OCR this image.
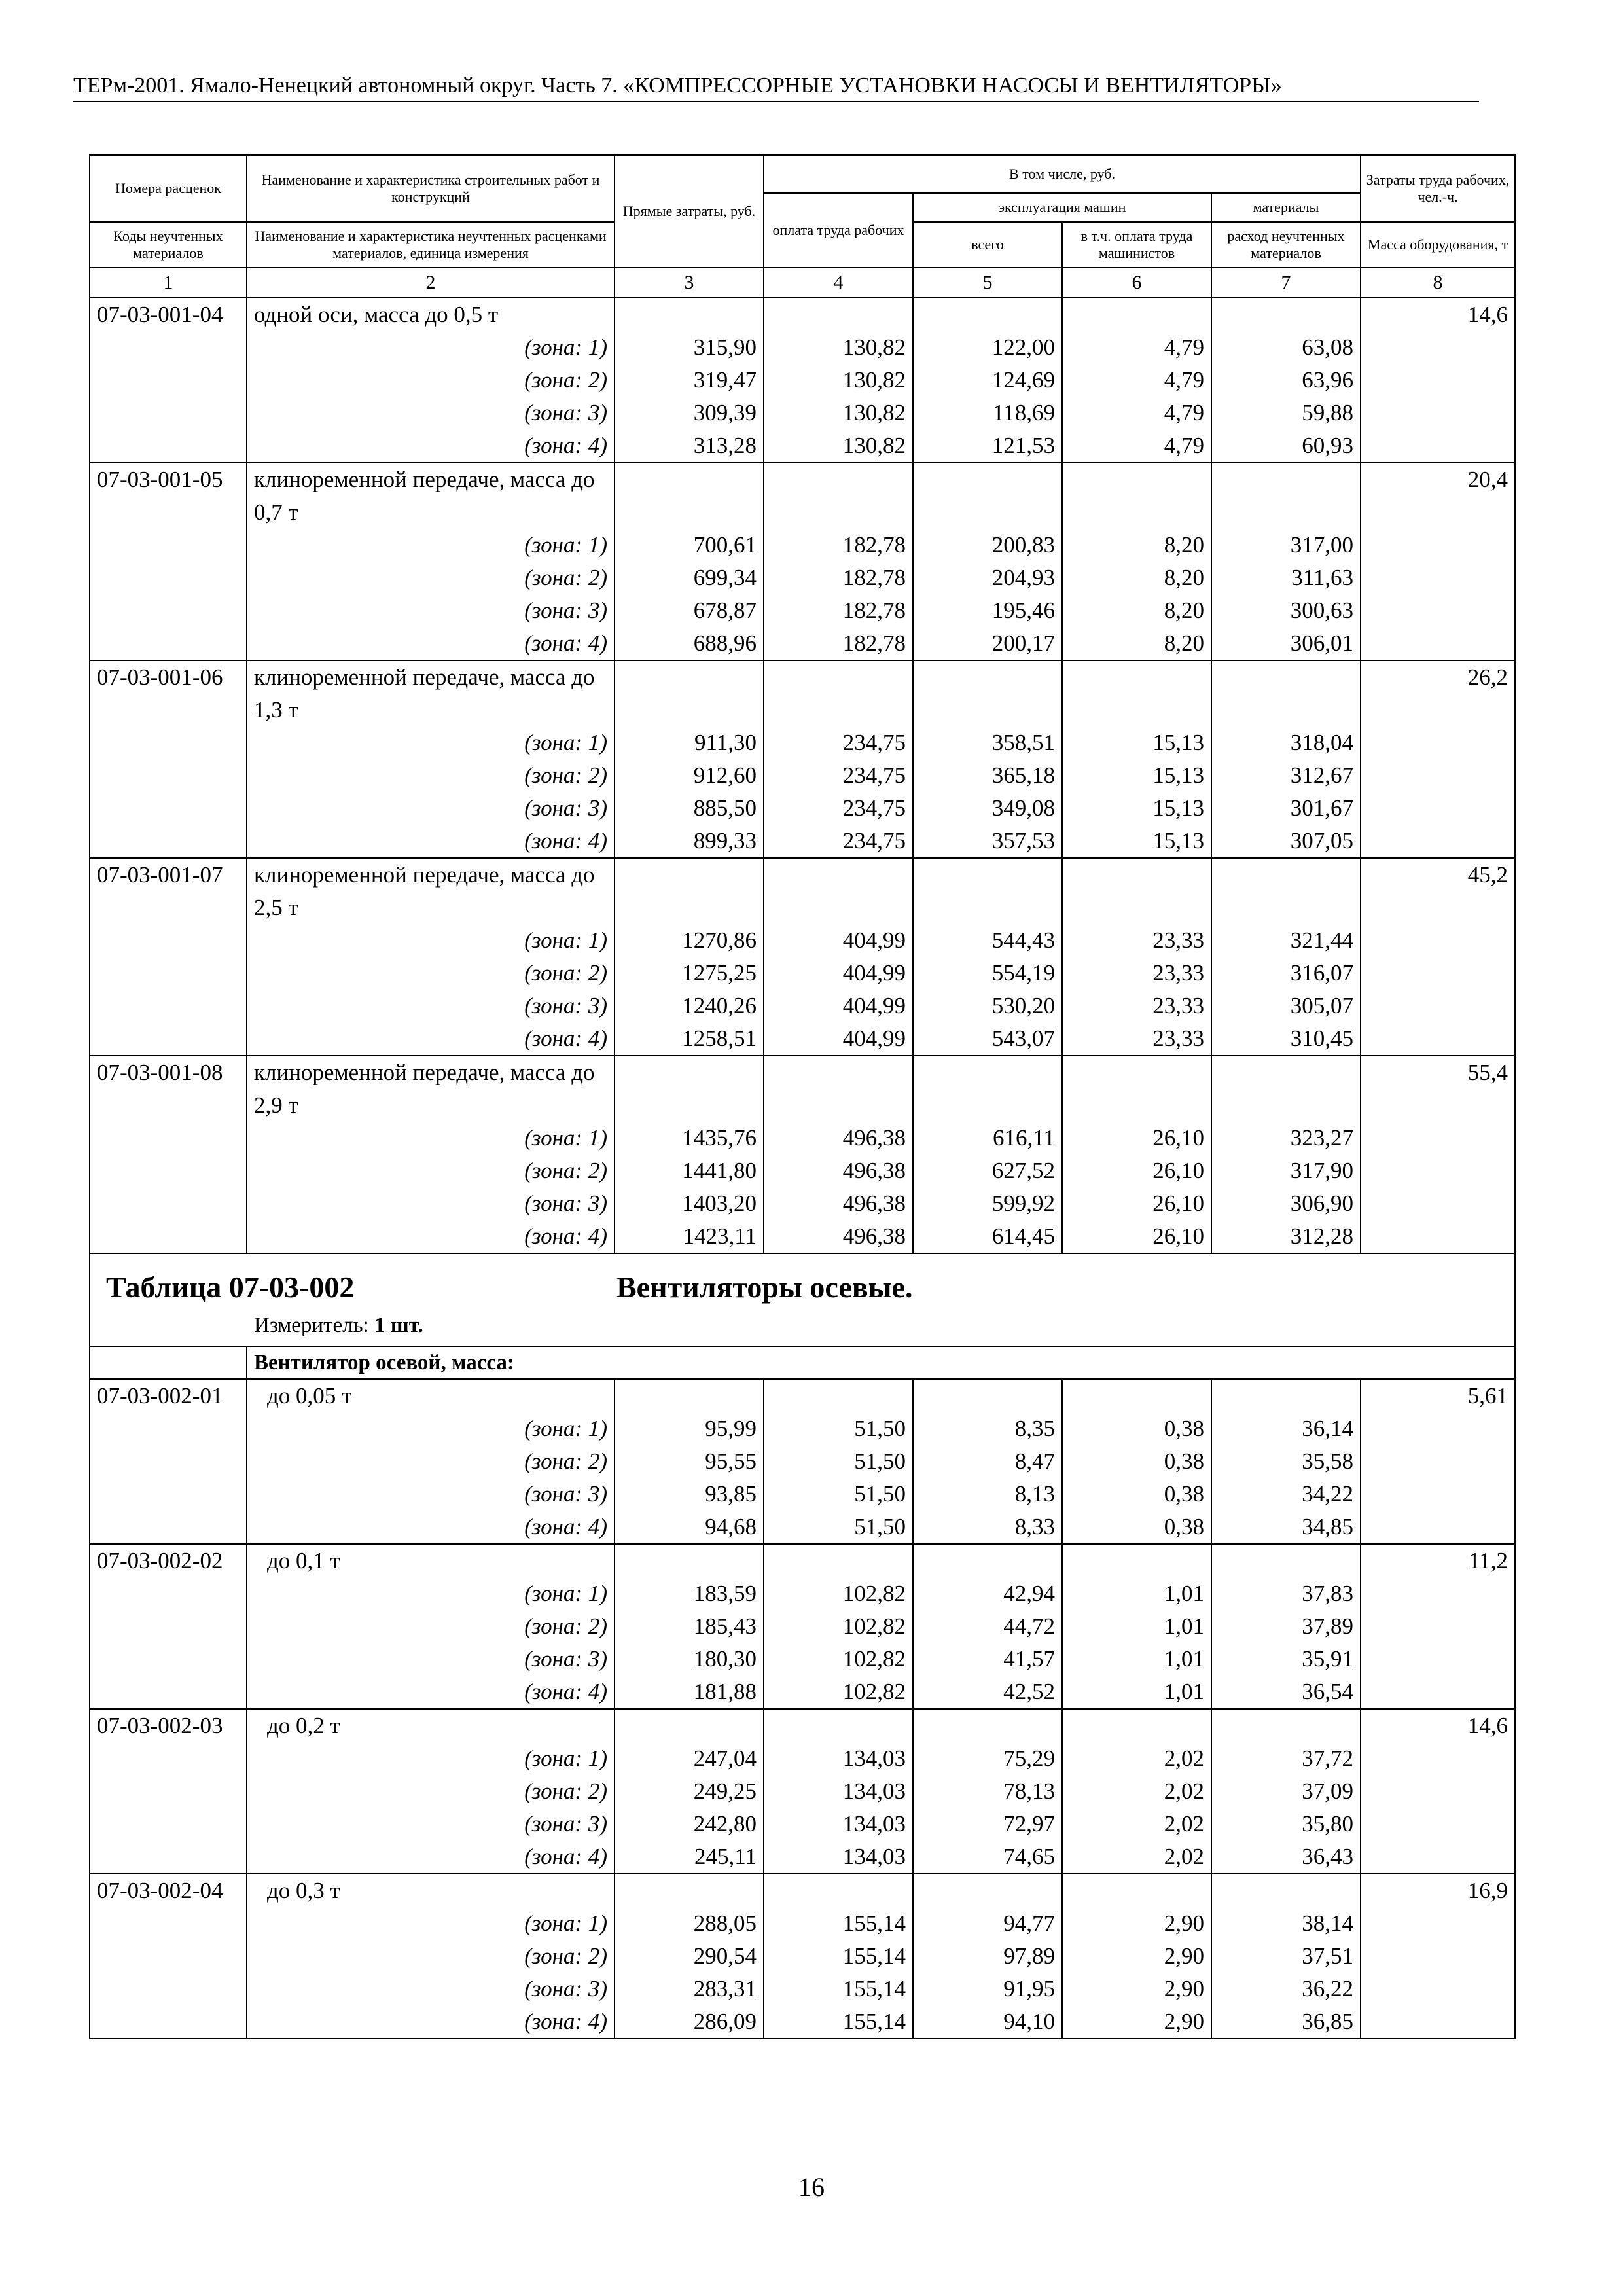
ТЕРм-2001. Ямало-Ненецкий автономный округ. Часть 7. «КОМПРЕССОРНЫЕ УСТАНОВКИ НАСОСЫ И ВЕНТИЛЯТОРЫ»
Номера расценок	Наименование и характеристика строительных работ и конструкций	Прямые затраты, руб.	В том числе, руб.				Затраты труда рабочих, чел.-ч.
			оплата труда рабочих	эксплуатация машин		материалы	
Коды неучтенных материалов	Наименование и характеристика неучтенных расценками материалов, единица измерения			всего	в т.ч. оплата труда машинистов	расход неучтенных материалов	Масса оборудования, т
1	2	3	4	5	6	7	8
07-03-001-04	одной оси, масса до 0,5 т						14,6
	(зона: 1)	315,90	130,82	122,00	4,79	63,08	
	(зона: 2)	319,47	130,82	124,69	4,79	63,96	
	(зона: 3)	309,39	130,82	118,69	4,79	59,88	
	(зона: 4)	313,28	130,82	121,53	4,79	60,93	
07-03-001-05	клиноременной передаче, масса до 0,7 т						20,4
	(зона: 1)	700,61	182,78	200,83	8,20	317,00	
	(зона: 2)	699,34	182,78	204,93	8,20	311,63	
	(зона: 3)	678,87	182,78	195,46	8,20	300,63	
	(зона: 4)	688,96	182,78	200,17	8,20	306,01	
07-03-001-06	клиноременной передаче, масса до 1,3 т						26,2
	(зона: 1)	911,30	234,75	358,51	15,13	318,04	
	(зона: 2)	912,60	234,75	365,18	15,13	312,67	
	(зона: 3)	885,50	234,75	349,08	15,13	301,67	
	(зона: 4)	899,33	234,75	357,53	15,13	307,05	
07-03-001-07	клиноременной передаче, масса до 2,5 т						45,2
	(зона: 1)	1270,86	404,99	544,43	23,33	321,44	
	(зона: 2)	1275,25	404,99	554,19	23,33	316,07	
	(зона: 3)	1240,26	404,99	530,20	23,33	305,07	
	(зона: 4)	1258,51	404,99	543,07	23,33	310,45	
07-03-001-08	клиноременной передаче, масса до 2,9 т						55,4
	(зона: 1)	1435,76	496,38	616,11	26,10	323,27	
	(зона: 2)	1441,80	496,38	627,52	26,10	317,90	
	(зона: 3)	1403,20	496,38	599,92	26,10	306,90	
	(зона: 4)	1423,11	496,38	614,45	26,10	312,28	

Таблица 07-03-002 Вентиляторы осевые.
Измеритель: 1 шт.							

	Вентилятор осевой, масса:						
07-03-002-01	до 0,05 т						5,61
	(зона: 1)	95,99	51,50	8,35	0,38	36,14	
	(зона: 2)	95,55	51,50	8,47	0,38	35,58	
	(зона: 3)	93,85	51,50	8,13	0,38	34,22	
	(зона: 4)	94,68	51,50	8,33	0,38	34,85	
07-03-002-02	до 0,1 т						11,2
	(зона: 1)	183,59	102,82	42,94	1,01	37,83	
	(зона: 2)	185,43	102,82	44,72	1,01	37,89	
	(зона: 3)	180,30	102,82	41,57	1,01	35,91	
	(зона: 4)	181,88	102,82	42,52	1,01	36,54	
07-03-002-03	до 0,2 т						14,6
	(зона: 1)	247,04	134,03	75,29	2,02	37,72	
	(зона: 2)	249,25	134,03	78,13	2,02	37,09	
	(зона: 3)	242,80	134,03	72,97	2,02	35,80	
	(зона: 4)	245,11	134,03	74,65	2,02	36,43	
07-03-002-04	до 0,3 т						16,9
	(зона: 1)	288,05	155,14	94,77	2,90	38,14	
	(зона: 2)	290,54	155,14	97,89	2,90	37,51	
	(зона: 3)	283,31	155,14	91,95	2,90	36,22	
	(зона: 4)	286,09	155,14	94,10	2,90	36,85	
16
